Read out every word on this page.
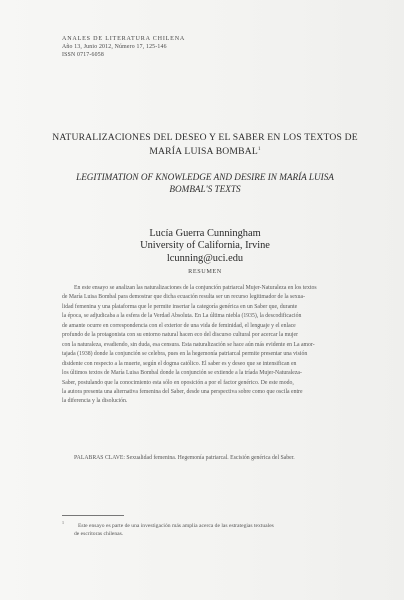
ANALES DE LITERATURA CHILENA
Año 13, Junio 2012, Número 17, 125-146
ISSN 0717-6058
NATURALIZACIONES DEL DESEO Y EL SABER EN LOS TEXTOS DE
MARÍA LUISA BOMBAL$^1$
LEGITIMATION OF KNOWLEDGE AND DESIRE IN MARÍA LUISA
BOMBAL'S TEXTS
Lucía Guerra Cunningham
University of California, Irvine
lcunning@uci.edu
RESUMEN
En este ensayo se analizan las naturalizaciones de la conjunción patriarcal Mujer-Naturaleza en los textos
de María Luisa Bombal para demostrar que dicha ecuación resulta ser un recurso legitimador de la sexua-
lidad femenina y una plataforma que le permite insertar la categoría genérica en un Saber que, durante
la época, se adjudicaba a la esfera de la Verdad Absoluta. En La última niebla (1935), la descodificación
de amante ocurre en correspondencia con el exterior de una vida de feminidad, el lenguaje y el enlace
profundo de la protagonista con su entorno natural hacen eco del discurso cultural por acercar la mujer
con la naturaleza, evadiendo, sin duda, esa censura. Esta naturalización se hace aún más evidente en La amor-
tajada (1938) donde la conjunción se celebra, pues en la hegemonía patriarcal permite presentar una visión
disidente con respecto a la muerte, según el dogma católico. El saber es y deseo que se intensifican en
los últimos textos de María Luisa Bombal donde la conjunción se extiende a la tríada Mujer-Naturaleza-
Saber, postulando que la conocimiento esta sólo en oposición a por el factor genérico. De este modo,
la autora presenta una alternativa femenina del Saber, desde una perspectiva sobre como que oscila entre
la diferencia y la disolución.
PALABRAS CLAVE: Sexualidad femenina. Hegemonía patriarcal. Escisión genérica del Saber.
$^1$Este ensayo es parte de una investigación más amplia acerca de las estrategias textuales
de escritoras chilenas.
